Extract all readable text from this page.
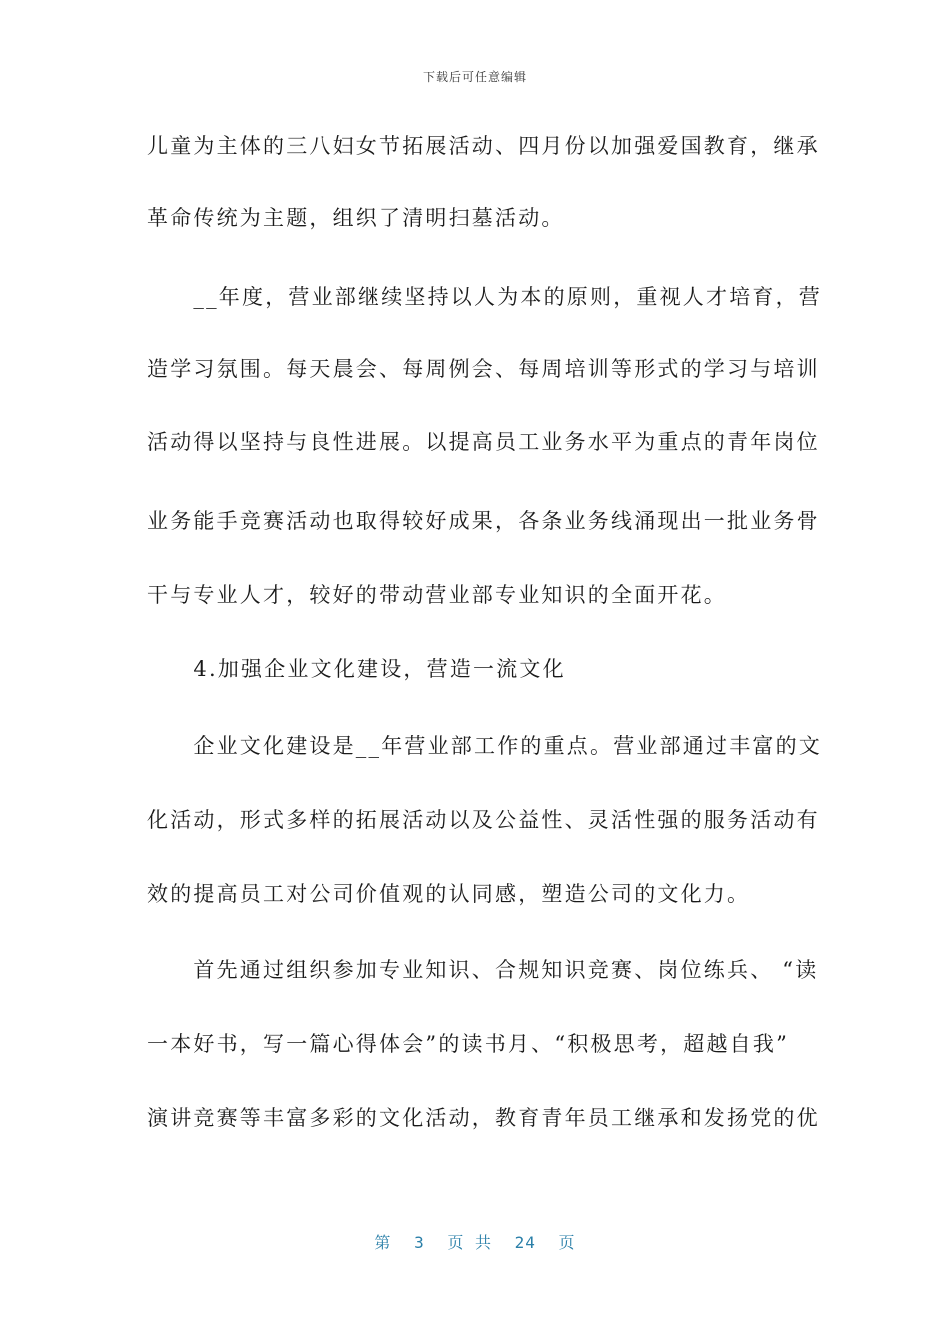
下载后可任意编辑
儿童为主体的三八妇女节拓展活动、四月份以加强爱国教育，继承
革命传统为主题，组织了清明扫墓活动。
　　__年度，营业部继续坚持以人为本的原则，重视人才培育，营
造学习氛围。每天晨会、每周例会、每周培训等形式的学习与培训
活动得以坚持与良性进展。以提高员工业务水平为重点的青年岗位
业务能手竞赛活动也取得较好成果，各条业务线涌现出一批业务骨
干与专业人才，较好的带动营业部专业知识的全面开花。
　　4.加强企业文化建设，营造一流文化
　　企业文化建设是__年营业部工作的重点。营业部通过丰富的文
化活动，形式多样的拓展活动以及公益性、灵活性强的服务活动有
效的提高员工对公司价值观的认同感，塑造公司的文化力。
　　首先通过组织参加专业知识、合规知识竞赛、岗位练兵、 “读
一本好书，写一篇心得体会”的读书月、“积极思考，超越自我”
演讲竞赛等丰富多彩的文化活动，教育青年员工继承和发扬党的优
第 3 页 共 24 页
